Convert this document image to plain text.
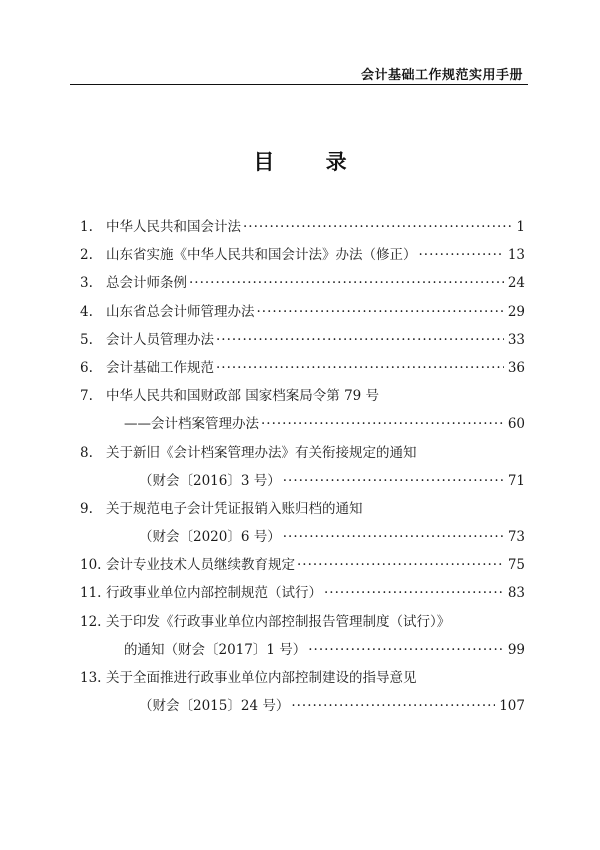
会计基础工作规范实用手册
目 录
1. 中华人民共和国会计法 ·····	1
2. 山东省实施《中华人民共和国会计法》办法（修正） ·····	13
3. 总会计师条例 ·····	24
4. 山东省总会计师管理办法 ·····	29
5. 会计人员管理办法 ·····	33
6. 会计基础工作规范 ·····	36
7. 中华人民共和国财政部 国家档案局令第 79 号
——会计档案管理办法 ·····	60
8. 关于新旧《会计档案管理办法》有关衔接规定的通知
（财会〔2016〕3 号） ·····	71
9. 关于规范电子会计凭证报销入账归档的通知
（财会〔2020〕6 号） ·····	73
10. 会计专业技术人员继续教育规定 ·····	75
11. 行政事业单位内部控制规范（试行） ·····	83
12. 关于印发《行政事业单位内部控制报告管理制度（试行）》
的通知（财会〔2017〕1 号） ·····	99
13. 关于全面推进行政事业单位内部控制建设的指导意见
（财会〔2015〕24 号） ·····	107
